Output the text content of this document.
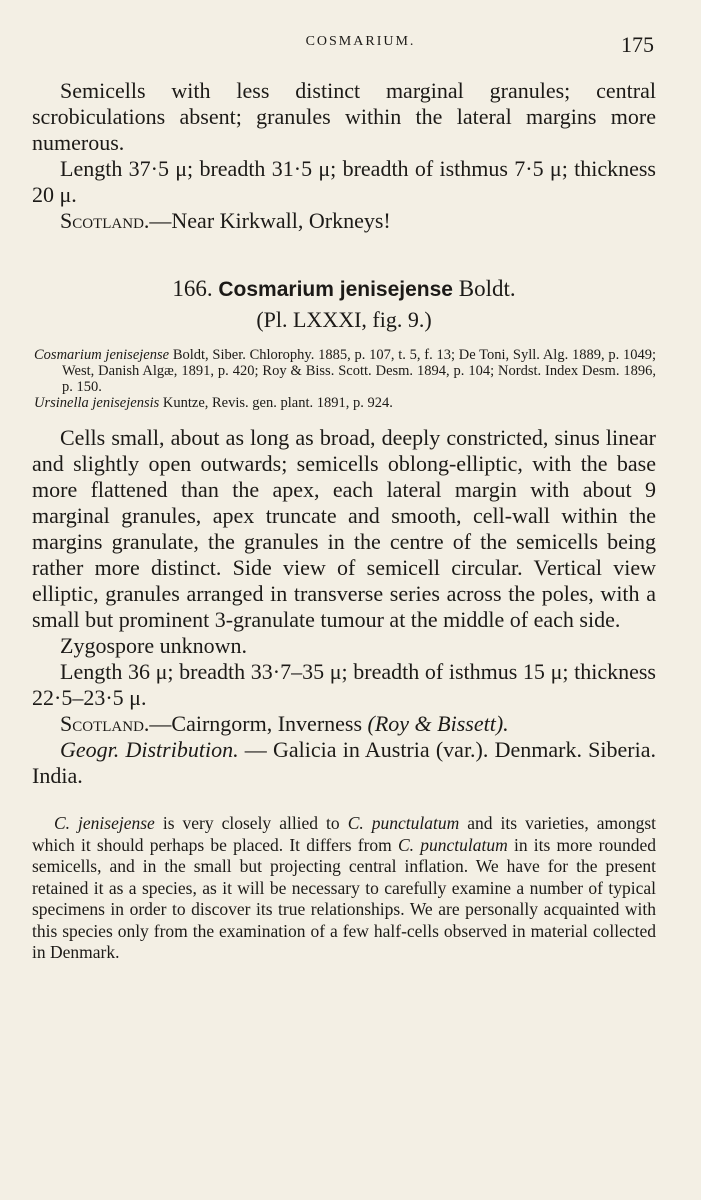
COSMARIUM.	175

Semicells with less distinct marginal granules; central scrobiculations absent; granules within the lateral margins more numerous.

Length 37·5 μ; breadth 31·5 μ; breadth of isthmus 7·5 μ; thickness 20 μ.

Scotland.—Near Kirkwall, Orkneys!

166. Cosmarium jenisejense Boldt.
(Pl. LXXXI, fig. 9.)

Cosmarium jenisejense Boldt, Siber. Chlorophy. 1885, p. 107, t. 5, f. 13; De Toni, Syll. Alg. 1889, p. 1049; West, Danish Algæ, 1891, p. 420; Roy & Biss. Scott. Desm. 1894, p. 104; Nordst. Index Desm. 1896, p. 150.

Ursinella jenisejensis Kuntze, Revis. gen. plant. 1891, p. 924.

Cells small, about as long as broad, deeply constricted, sinus linear and slightly open outwards; semicells oblong-elliptic, with the base more flattened than the apex, each lateral margin with about 9 marginal granules, apex truncate and smooth, cell-wall within the margins granulate, the granules in the centre of the semicells being rather more distinct. Side view of semicell circular. Vertical view elliptic, granules arranged in transverse series across the poles, with a small but prominent 3-granulate tumour at the middle of each side.

Zygospore unknown.

Length 36 μ; breadth 33·7–35 μ; breadth of isthmus 15 μ; thickness 22·5–23·5 μ.

Scotland.—Cairngorm, Inverness (Roy & Bissett).

Geogr. Distribution. — Galicia in Austria (var.). Denmark. Siberia. India.

C. jenisejense is very closely allied to C. punctulatum and its varieties, amongst which it should perhaps be placed. It differs from C. punctulatum in its more rounded semicells, and in the small but projecting central inflation. We have for the present retained it as a species, as it will be necessary to carefully examine a number of typical specimens in order to discover its true relationships. We are personally acquainted with this species only from the examination of a few half-cells observed in material collected in Denmark.
